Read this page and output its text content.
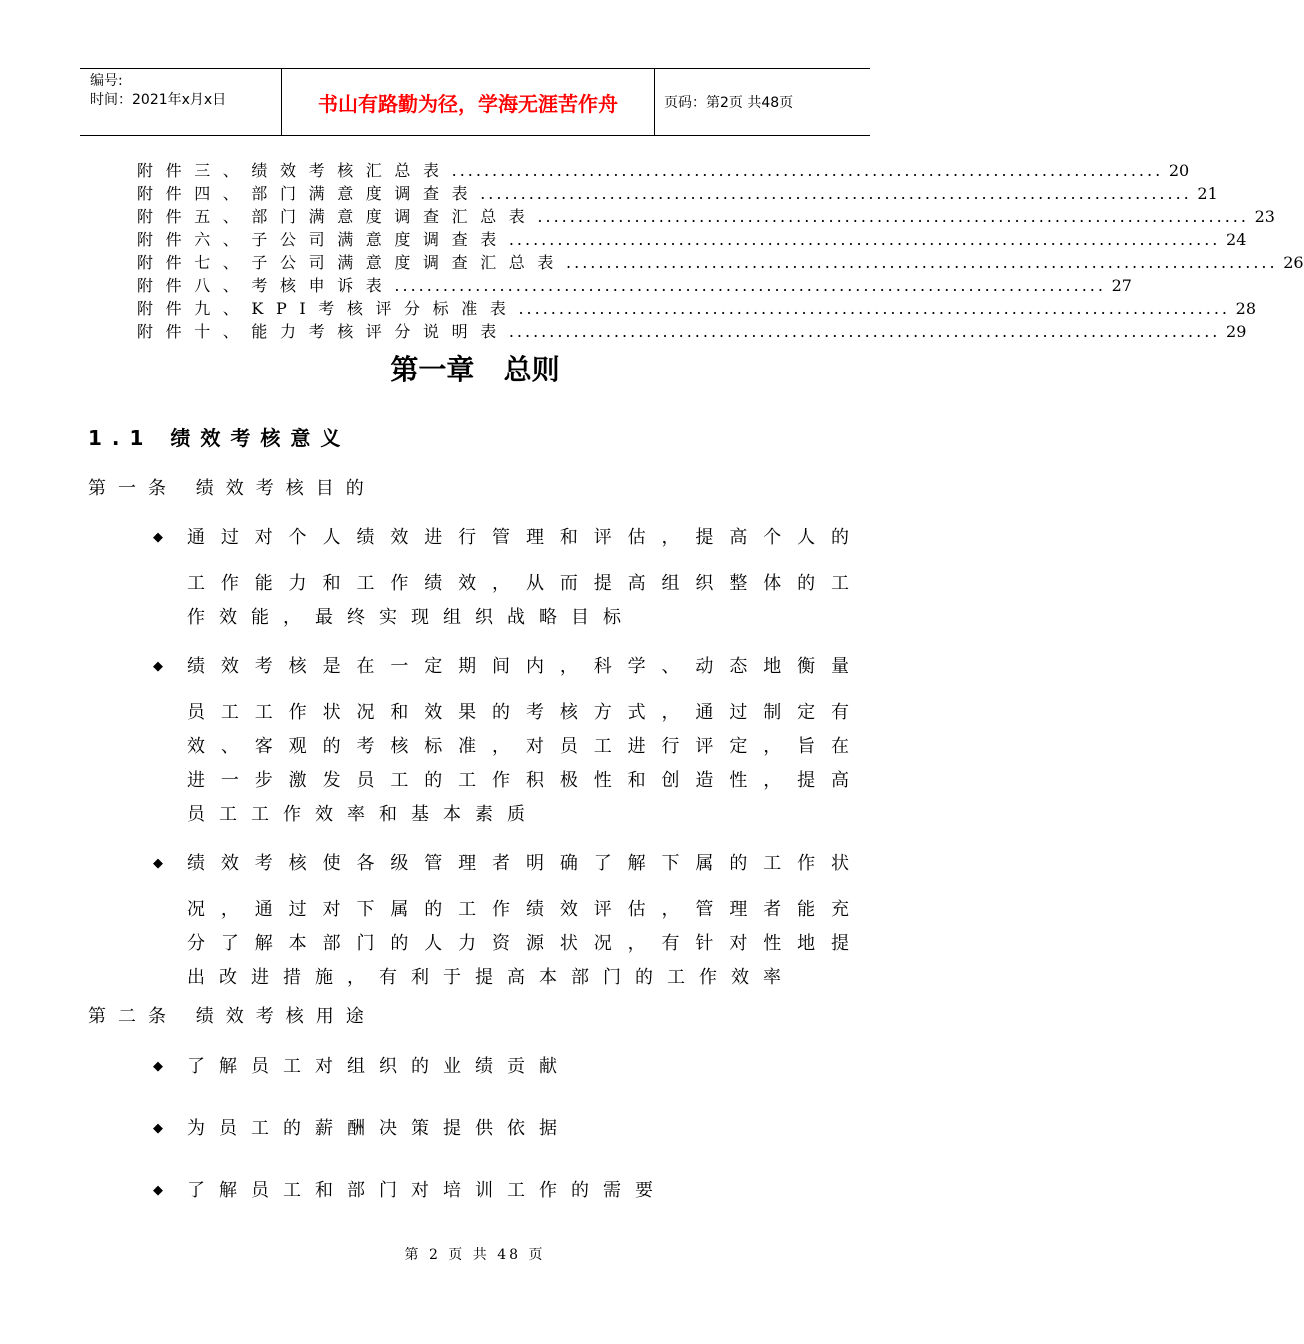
编号:
时间：2021年x月x日	书山有路勤为径，学海无涯苦作舟	页码：第2页 共48页
附件三、绩效考核汇总表 ........................................................................................ 20
附件四、部门满意度调查表 ........................................................................................ 21
附件五、部门满意度调查汇总表 ........................................................................................ 23
附件六、子公司满意度调查表 ........................................................................................ 24
附件七、子公司满意度调查汇总表 ........................................................................................ 26
附件八、考核申诉表 ........................................................................................ 27
附件九、KPI考核评分标准表 ........................................................................................ 28
附件十、能力考核评分说明表 ........................................................................................ 29
第一章   总则
1.1 绩效考核意义
第一条 绩效考核目的
◆ 通过对个人绩效进行管理和评估，提高个人的
工作能力和工作绩效，从而提高组织整体的工
作效能，最终实现组织战略目标
◆ 绩效考核是在一定期间内，科学、动态地衡量
员工工作状况和效果的考核方式，通过制定有
效、客观的考核标准，对员工进行评定，旨在
进一步激发员工的工作积极性和创造性，提高
员工工作效率和基本素质
◆ 绩效考核使各级管理者明确了解下属的工作状
况，通过对下属的工作绩效评估，管理者能充
分了解本部门的人力资源状况，有针对性地提
出改进措施，有利于提高本部门的工作效率
第二条 绩效考核用途
◆ 了解员工对组织的业绩贡献
◆ 为员工的薪酬决策提供依据
◆ 了解员工和部门对培训工作的需要
第 2 页 共 48 页
